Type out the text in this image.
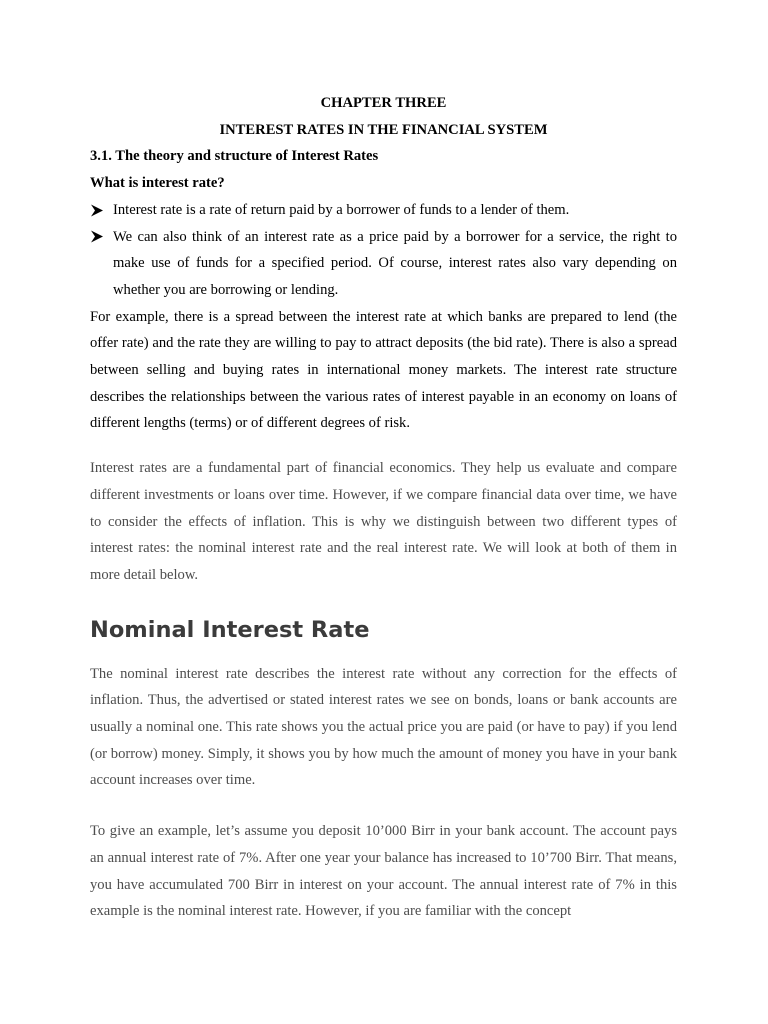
CHAPTER THREE

INTEREST RATES IN THE FINANCIAL SYSTEM

3.1. The theory and structure of Interest Rates

What is interest rate?

Interest rate is a rate of return paid by a borrower of funds to a lender of them.

We can also think of an interest rate as a price paid by a borrower for a service, the right to make use of funds for a specified period. Of course, interest rates also vary depending on whether you are borrowing or lending.

For example, there is a spread between the interest rate at which banks are prepared to lend (the offer rate) and the rate they are willing to pay to attract deposits (the bid rate). There is also a spread between selling and buying rates in international money markets. The interest rate structure describes the relationships between the various rates of interest payable in an economy on loans of different lengths (terms) or of different degrees of risk.

Interest rates are a fundamental part of financial economics. They help us evaluate and compare different investments or loans over time. However, if we compare financial data over time, we have to consider the effects of inflation. This is why we distinguish between two different types of interest rates: the nominal interest rate and the real interest rate. We will look at both of them in more detail below.

Nominal Interest Rate

The nominal interest rate describes the interest rate without any correction for the effects of inflation. Thus, the advertised or stated interest rates we see on bonds, loans or bank accounts are usually a nominal one. This rate shows you the actual price you are paid (or have to pay) if you lend (or borrow) money. Simply, it shows you by how much the amount of money you have in your bank account increases over time.

To give an example, let’s assume you deposit 10’000 Birr in your bank account. The account pays an annual interest rate of 7%. After one year your balance has increased to 10’700 Birr. That means, you have accumulated 700 Birr in interest on your account. The annual interest rate of 7% in this example is the nominal interest rate. However, if you are familiar with the concept
